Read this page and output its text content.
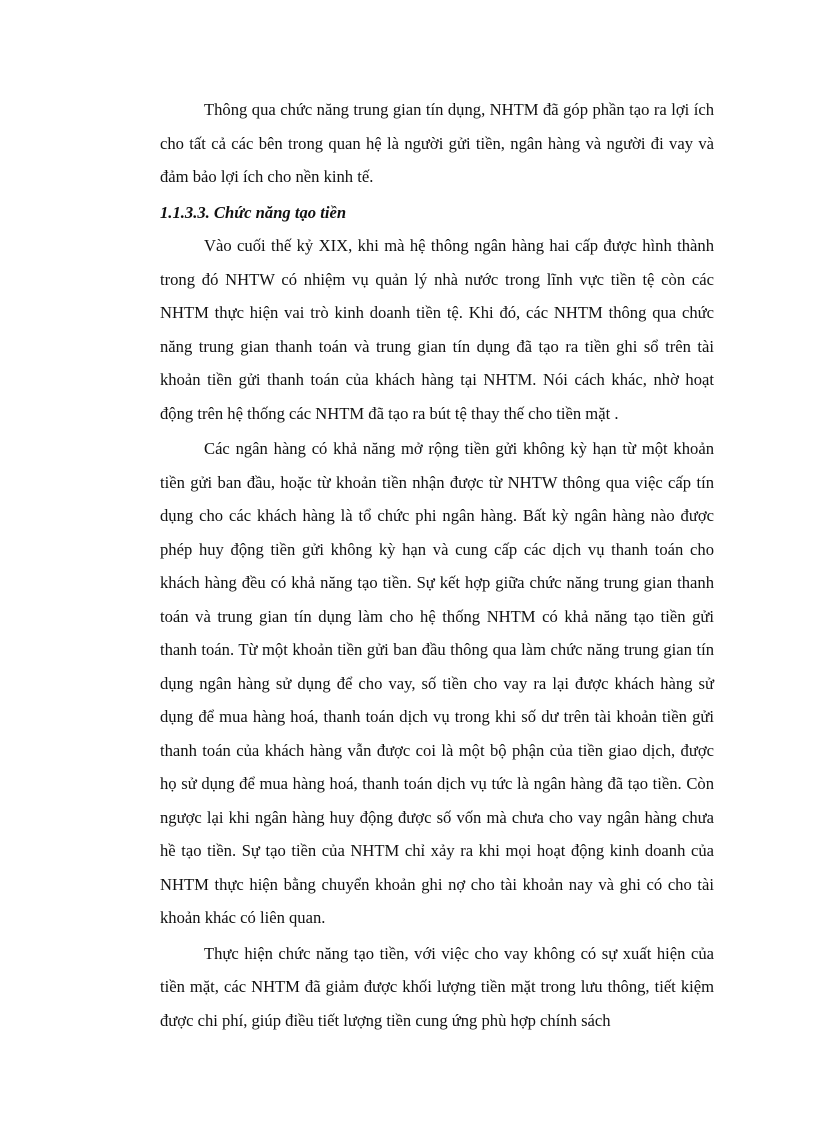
Thông qua chức năng trung gian tín dụng, NHTM đã góp phần tạo ra lợi ích cho tất cả các bên trong quan hệ là người gửi tiền, ngân hàng và người đi vay và đảm bảo lợi ích cho nền kinh tế.

1.1.3.3. Chức năng tạo tiền

Vào cuối thế kỷ XIX, khi mà hệ thông ngân hàng hai cấp được hình thành trong đó NHTW có nhiệm vụ quản lý nhà nước trong lĩnh vực tiền tệ còn các NHTM thực hiện vai trò kinh doanh tiền tệ. Khi đó, các NHTM thông qua chức năng trung gian thanh toán và trung gian tín dụng đã tạo ra tiền ghi sổ trên tài khoản tiền gửi thanh toán của khách hàng tại NHTM. Nói cách khác, nhờ hoạt động trên hệ thống các NHTM đã tạo ra bút tệ thay thế cho tiền mặt .

Các ngân hàng có khả năng mở rộng tiền gửi không kỳ hạn từ một khoản tiền gửi ban đầu, hoặc từ khoản tiền nhận được từ NHTW thông qua việc cấp tín dụng cho các khách hàng là tổ chức phi ngân hàng. Bất kỳ ngân hàng nào được phép huy động tiền gửi không kỳ hạn và cung cấp các dịch vụ thanh toán cho khách hàng đều có khả năng tạo tiền. Sự kết hợp giữa chức năng trung gian thanh toán và trung gian tín dụng làm cho hệ thống NHTM có khả năng tạo tiền gửi thanh toán. Từ một khoản tiền gửi ban đầu thông qua làm chức năng trung gian tín dụng ngân hàng sử dụng để cho vay, số tiền cho vay ra lại được khách hàng sử dụng để mua hàng hoá, thanh toán dịch vụ trong khi số dư trên tài khoản tiền gửi thanh toán của khách hàng vẫn được coi là một bộ phận của tiền giao dịch, được họ sử dụng để mua hàng hoá, thanh toán dịch vụ tức là ngân hàng đã tạo tiền. Còn ngược lại khi ngân hàng huy động được số vốn mà chưa cho vay ngân hàng chưa hề tạo tiền. Sự tạo tiền của NHTM chỉ xảy ra khi mọi hoạt động kinh doanh của NHTM thực hiện bằng chuyển khoản ghi nợ cho tài khoản nay và ghi có cho tài khoản khác có liên quan.

Thực hiện chức năng tạo tiền, với việc cho vay không có sự xuất hiện của tiền mặt, các NHTM đã giảm được khối lượng tiền mặt trong lưu thông, tiết kiệm được chi phí, giúp điều tiết lượng tiền cung ứng phù hợp chính sách
